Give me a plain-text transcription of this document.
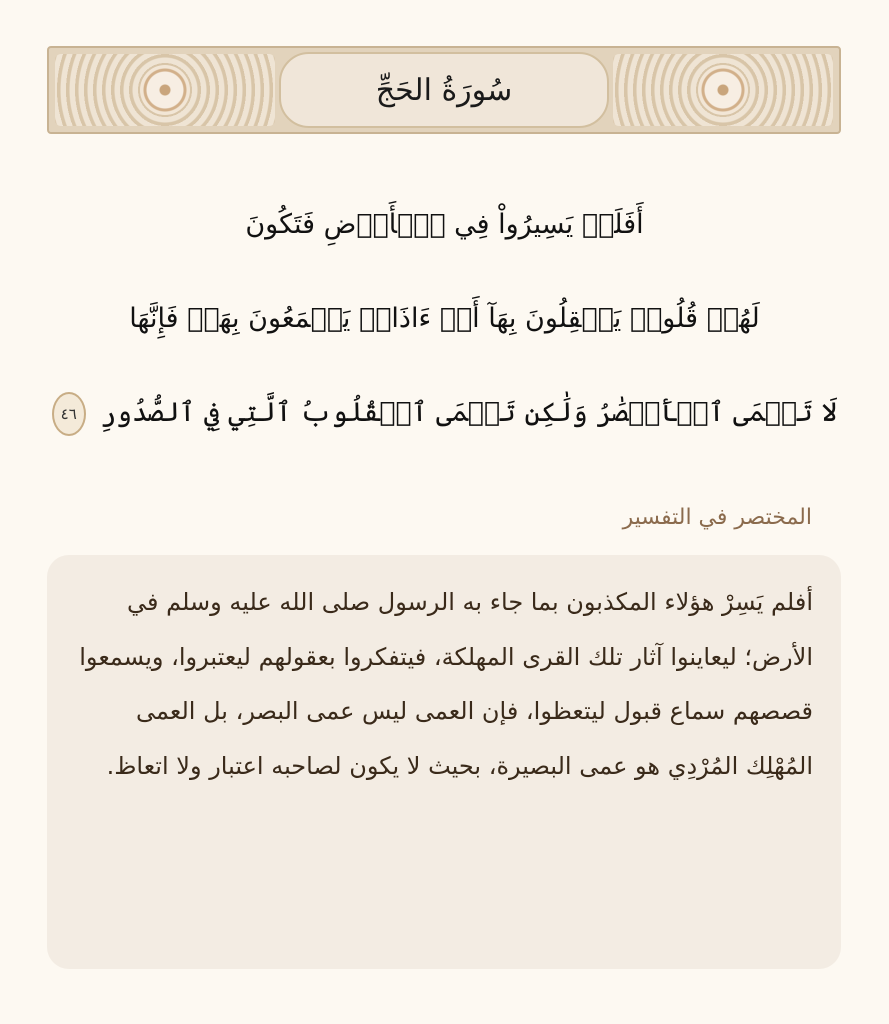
سُورَةُ الحَجِّ
أَفَلَمۡ يَسِيرُواْ فِي ٱلۡأَرۡضِ فَتَكُونَ
لَهُمۡ قُلُوبٞ يَعۡقِلُونَ بِهَآ أَوۡ ءَاذَانٞ يَسۡمَعُونَ بِهَاۖ فَإِنَّهَا
لَا تَعۡمَى ٱلۡأَبۡصَٰرُ وَلَٰكِن تَعۡمَى ٱلۡقُلُوبُ ٱلَّتِي فِي ٱلصُّدُورِ ٤٦
المختصر في التفسير
أفلم يَسِرْ هؤلاء المكذبون بما جاء به الرسول صلى الله عليه وسلم في الأرض؛ ليعاينوا آثار تلك القرى المهلكة، فيتفكروا بعقولهم ليعتبروا، ويسمعوا قصصهم سماع قبول ليتعظوا، فإن العمى ليس عمى البصر، بل العمى المُهْلِك المُرْدِي هو عمى البصيرة، بحيث لا يكون لصاحبه اعتبار ولا اتعاظ.
